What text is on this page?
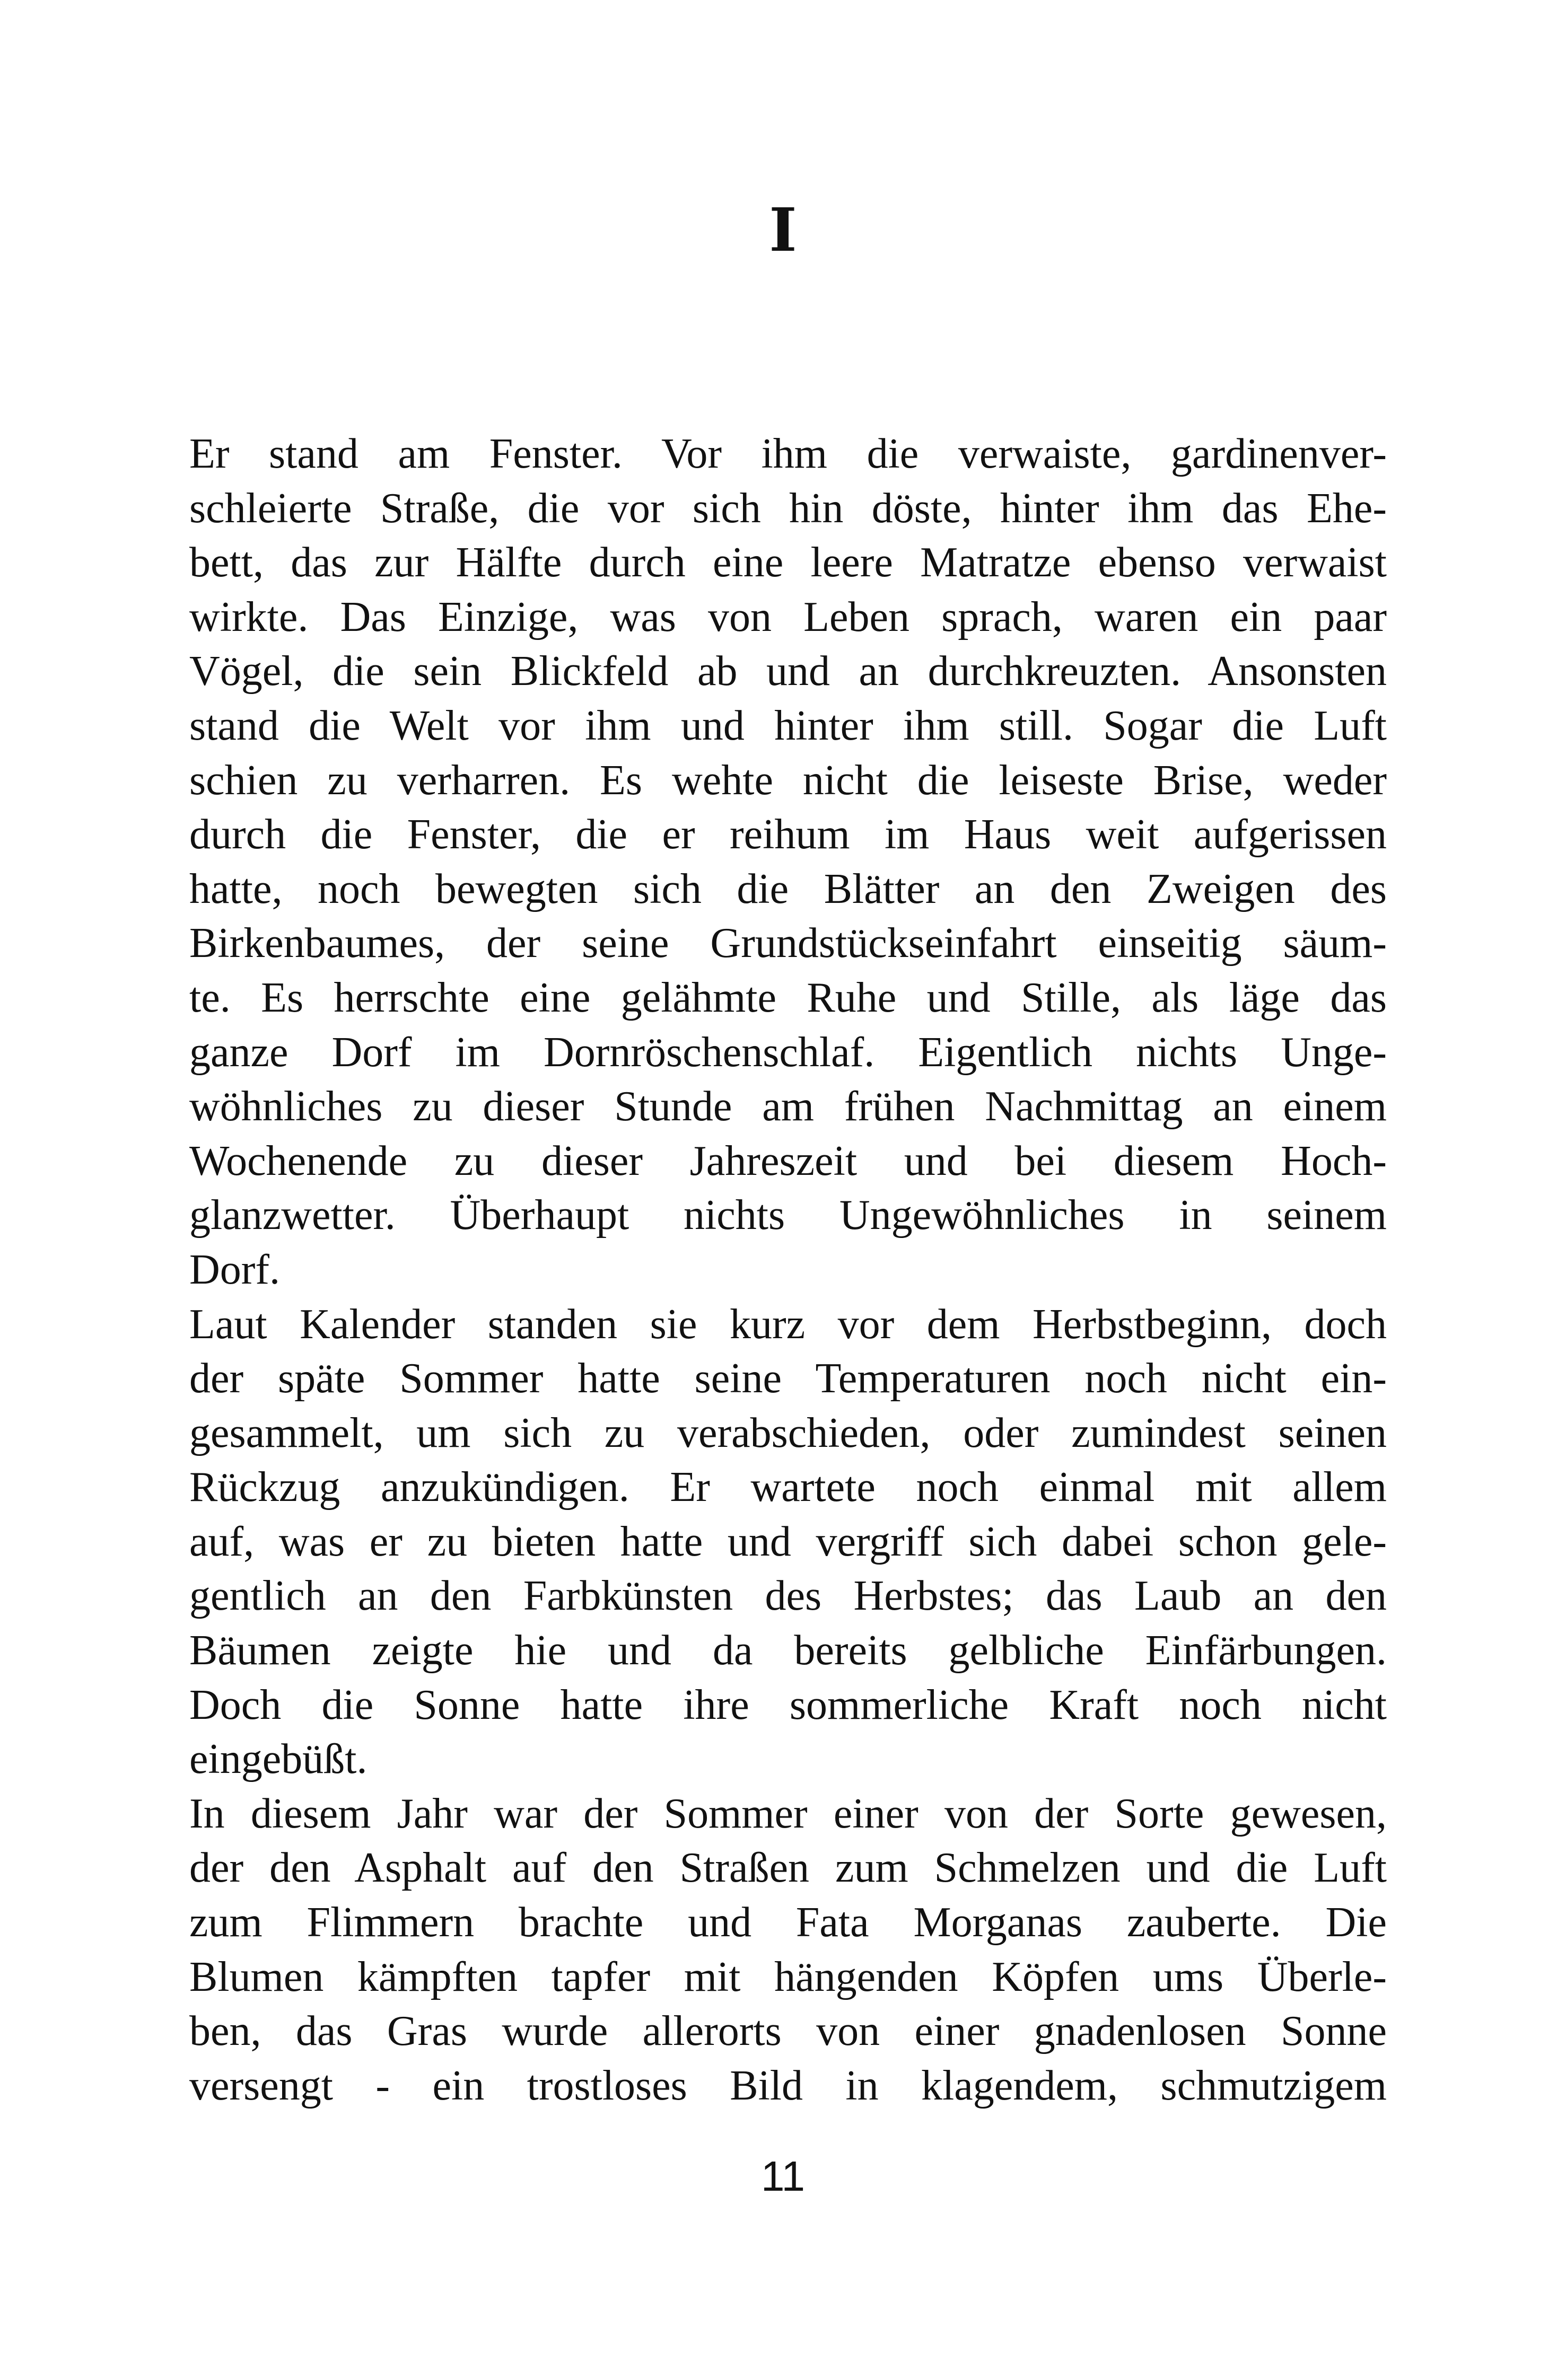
I
Er stand am Fenster. Vor ihm die verwaiste, gardinenver-
schleierte Straße, die vor sich hin döste, hinter ihm das Ehe-
bett, das zur Hälfte durch eine leere Matratze ebenso verwaist
wirkte. Das Einzige, was von Leben sprach, waren ein paar
Vögel, die sein Blickfeld ab und an durchkreuzten. Ansonsten
stand die Welt vor ihm und hinter ihm still. Sogar die Luft
schien zu verharren. Es wehte nicht die leiseste Brise, weder
durch die Fenster, die er reihum im Haus weit aufgerissen
hatte, noch bewegten sich die Blätter an den Zweigen des
Birkenbaumes, der seine Grundstückseinfahrt einseitig säum-
te. Es herrschte eine gelähmte Ruhe und Stille, als läge das
ganze Dorf im Dornröschenschlaf. Eigentlich nichts Unge-
wöhnliches zu dieser Stunde am frühen Nachmittag an einem
Wochenende zu dieser Jahreszeit und bei diesem Hoch-
glanzwetter. Überhaupt nichts Ungewöhnliches in seinem
Dorf.
Laut Kalender standen sie kurz vor dem Herbstbeginn, doch
der späte Sommer hatte seine Temperaturen noch nicht ein-
gesammelt, um sich zu verabschieden, oder zumindest seinen
Rückzug anzukündigen. Er wartete noch einmal mit allem
auf, was er zu bieten hatte und vergriff sich dabei schon gele-
gentlich an den Farbkünsten des Herbstes; das Laub an den
Bäumen zeigte hie und da bereits gelbliche Einfärbungen.
Doch die Sonne hatte ihre sommerliche Kraft noch nicht
eingebüßt.
In diesem Jahr war der Sommer einer von der Sorte gewesen,
der den Asphalt auf den Straßen zum Schmelzen und die Luft
zum Flimmern brachte und Fata Morganas zauberte. Die
Blumen kämpften tapfer mit hängenden Köpfen ums Überle-
ben, das Gras wurde allerorts von einer gnadenlosen Sonne
versengt - ein trostloses Bild in klagendem, schmutzigem
11
